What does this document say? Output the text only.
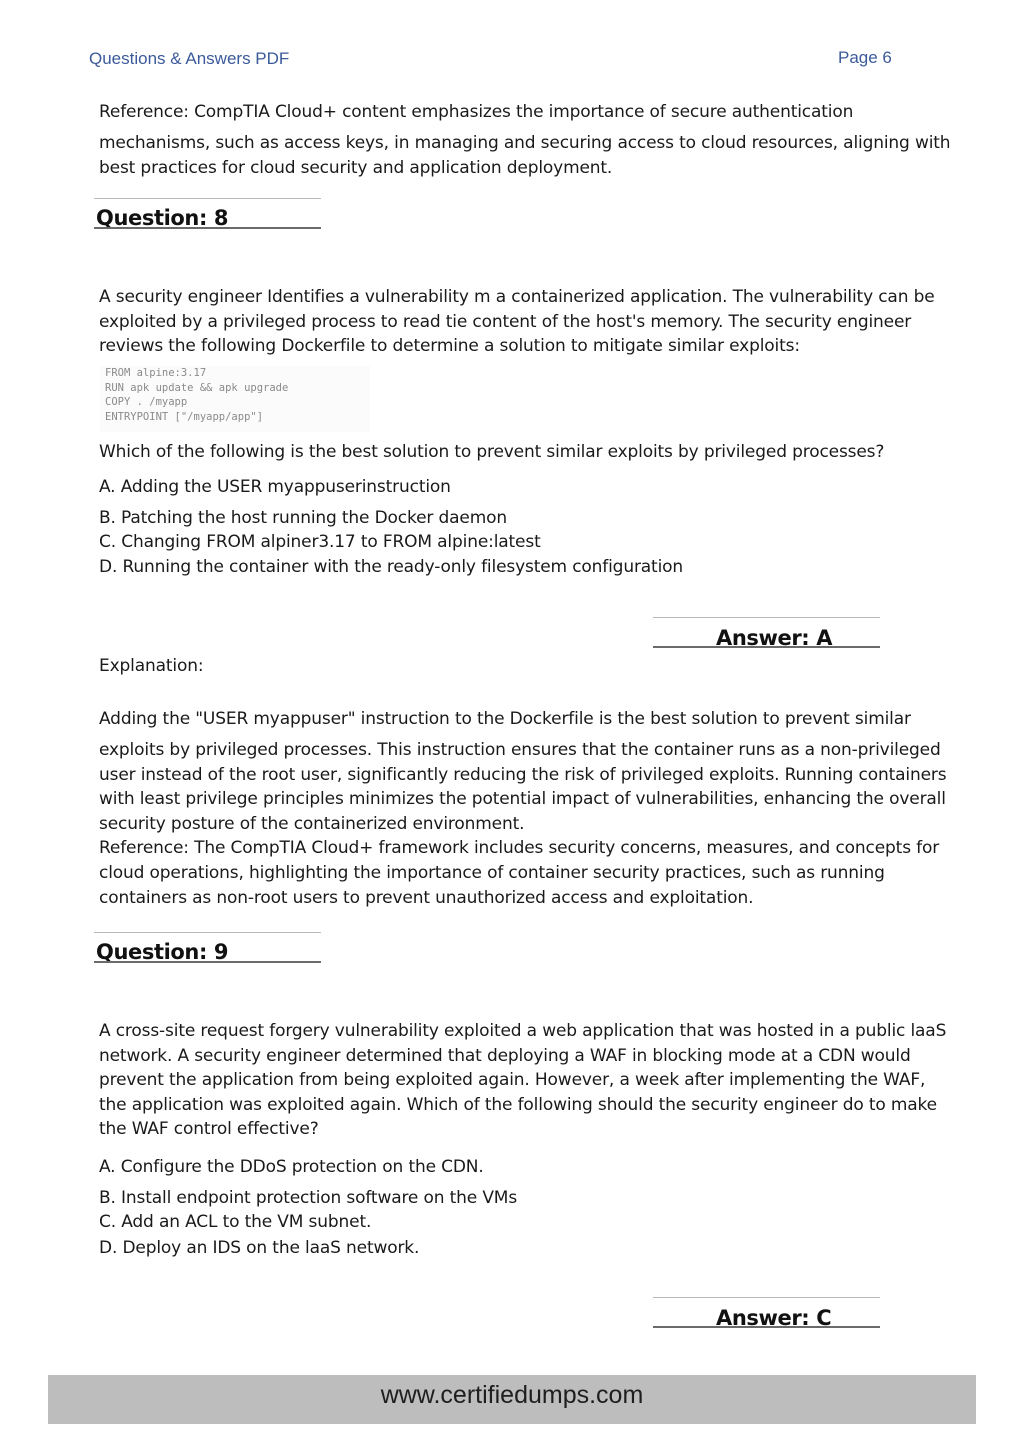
Questions & Answers PDF	Page 6
Reference: CompTIA Cloud+ content emphasizes the importance of secure authentication
mechanisms, such as access keys, in managing and securing access to cloud resources, aligning with
best practices for cloud security and application deployment.
Question: 8
A security engineer Identifies a vulnerability m a containerized application. The vulnerability can be
exploited by a privileged process to read tie content of the host's memory. The security engineer
reviews the following Dockerfile to determine a solution to mitigate similar exploits:
FROM alpine:3.17
RUN apk update && apk upgrade
COPY . /myapp
ENTRYPOINT ["/myapp/app"]
Which of the following is the best solution to prevent similar exploits by privileged processes?
A. Adding the USER myappuserinstruction
B. Patching the host running the Docker daemon
C. Changing FROM alpiner3.17 to FROM alpine:latest
D. Running the container with the ready-only filesystem configuration
Answer: A
Explanation:
Adding the "USER myappuser" instruction to the Dockerfile is the best solution to prevent similar
exploits by privileged processes. This instruction ensures that the container runs as a non-privileged
user instead of the root user, significantly reducing the risk of privileged exploits. Running containers
with least privilege principles minimizes the potential impact of vulnerabilities, enhancing the overall
security posture of the containerized environment.
Reference: The CompTIA Cloud+ framework includes security concerns, measures, and concepts for
cloud operations, highlighting the importance of container security practices, such as running
containers as non-root users to prevent unauthorized access and exploitation.
Question: 9
A cross-site request forgery vulnerability exploited a web application that was hosted in a public laaS
network. A security engineer determined that deploying a WAF in blocking mode at a CDN would
prevent the application from being exploited again. However, a week after implementing the WAF,
the application was exploited again. Which of the following should the security engineer do to make
the WAF control effective?
A. Configure the DDoS protection on the CDN.
B. Install endpoint protection software on the VMs
C. Add an ACL to the VM subnet.
D. Deploy an IDS on the laaS network.
Answer: C
www.certifiedumps.com
